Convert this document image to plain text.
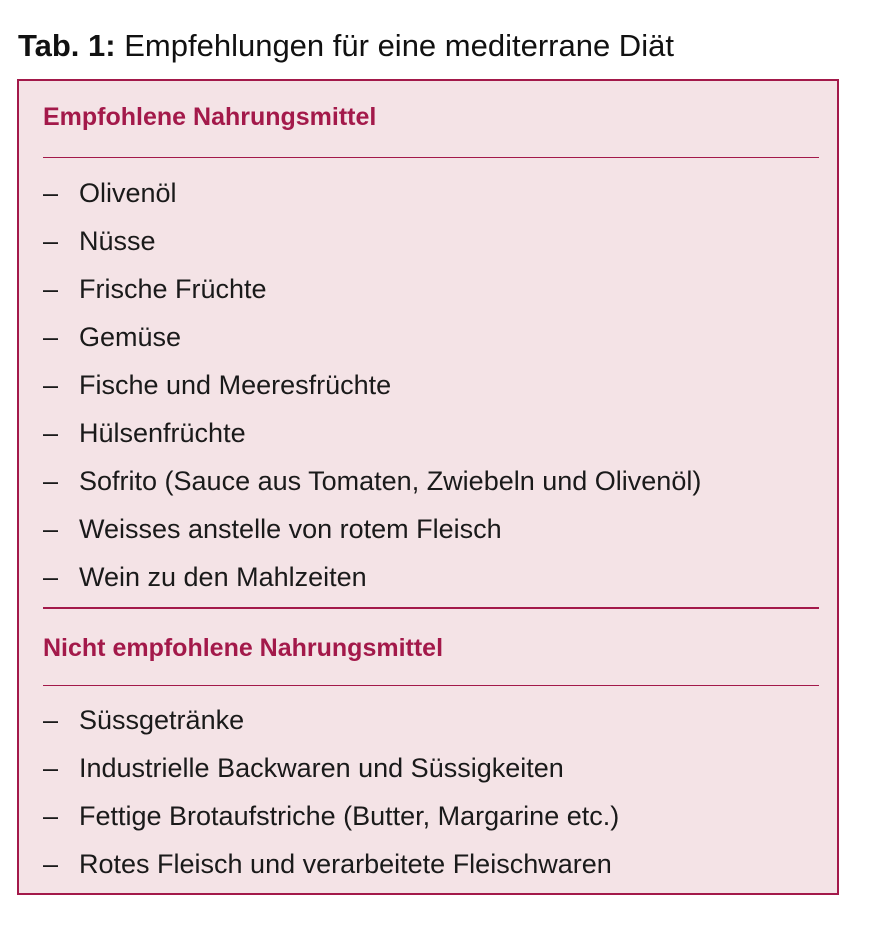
Tab. 1: Empfehlungen für eine mediterrane Diät
Empfohlene Nahrungsmittel
– Olivenöl
– Nüsse
– Frische Früchte
– Gemüse
– Fische und Meeresfrüchte
– Hülsenfrüchte
– Sofrito (Sauce aus Tomaten, Zwiebeln und Olivenöl)
– Weisses anstelle von rotem Fleisch
– Wein zu den Mahlzeiten
Nicht empfohlene Nahrungsmittel
– Süssgetränke
– Industrielle Backwaren und Süssigkeiten
– Fettige Brotaufstriche (Butter, Margarine etc.)
– Rotes Fleisch und verarbeitete Fleischwaren
